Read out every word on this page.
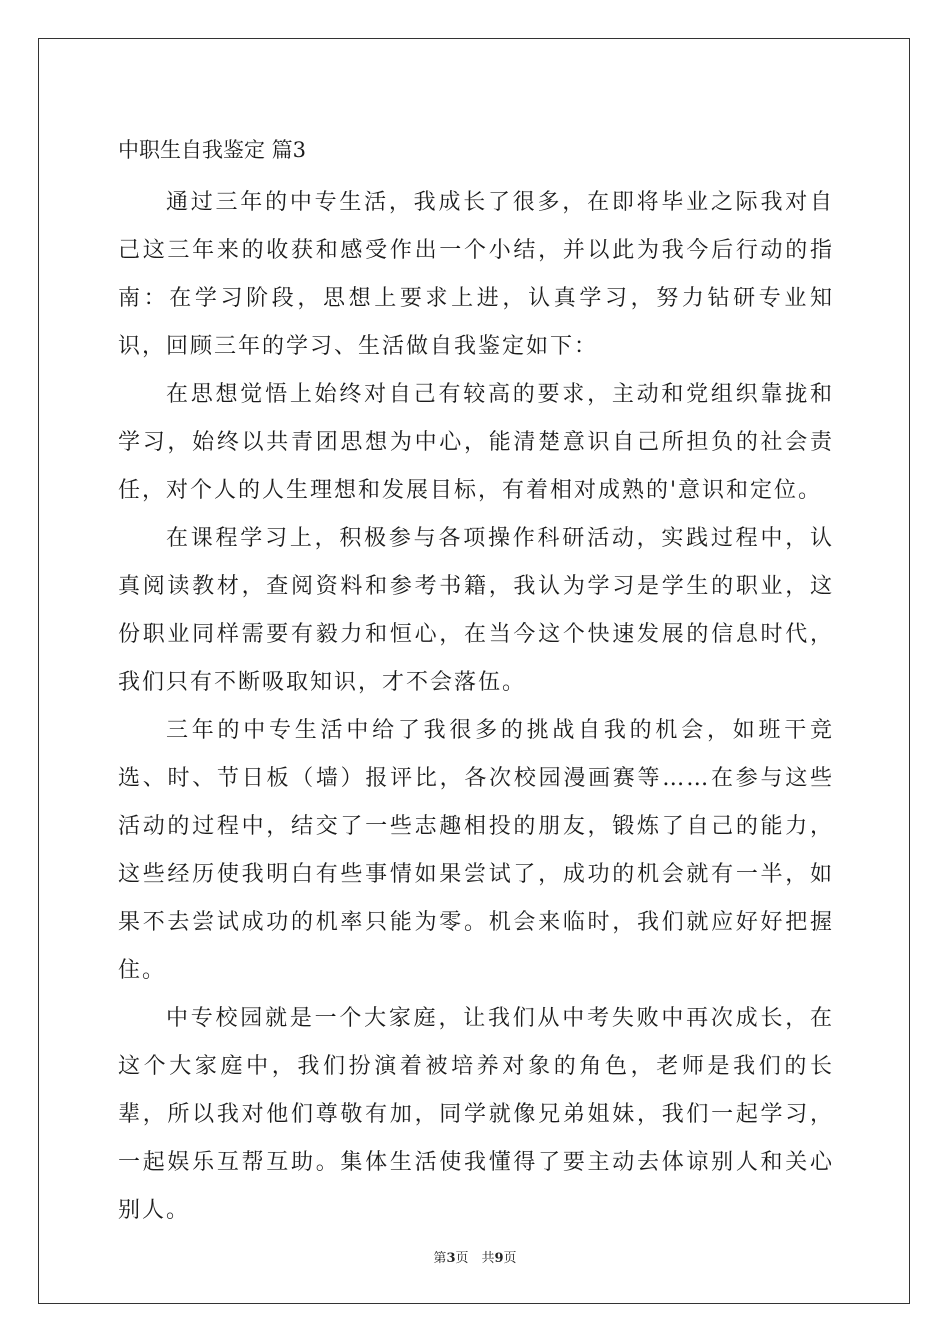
中职生自我鉴定 篇3

通过三年的中专生活，我成长了很多，在即将毕业之际我对自己这三年来的收获和感受作出一个小结，并以此为我今后行动的指南：在学习阶段，思想上要求上进，认真学习，努力钻研专业知识，回顾三年的学习、生活做自我鉴定如下：

在思想觉悟上始终对自己有较高的要求，主动和党组织靠拢和学习，始终以共青团思想为中心，能清楚意识自己所担负的社会责任，对个人的人生理想和发展目标，有着相对成熟的'意识和定位。

在课程学习上，积极参与各项操作科研活动，实践过程中，认真阅读教材，查阅资料和参考书籍，我认为学习是学生的职业，这份职业同样需要有毅力和恒心，在当今这个快速发展的信息时代，我们只有不断吸取知识，才不会落伍。

三年的中专生活中给了我很多的挑战自我的机会，如班干竞选、时、节日板（墙）报评比，各次校园漫画赛等……在参与这些活动的过程中，结交了一些志趣相投的朋友，锻炼了自己的能力，这些经历使我明白有些事情如果尝试了，成功的机会就有一半，如果不去尝试成功的机率只能为零。机会来临时，我们就应好好把握住。

中专校园就是一个大家庭，让我们从中考失败中再次成长，在这个大家庭中，我们扮演着被培养对象的角色，老师是我们的长辈，所以我对他们尊敬有加，同学就像兄弟姐妹，我们一起学习，一起娱乐互帮互助。集体生活使我懂得了要主动去体谅别人和关心别人。

第3页　共9页
